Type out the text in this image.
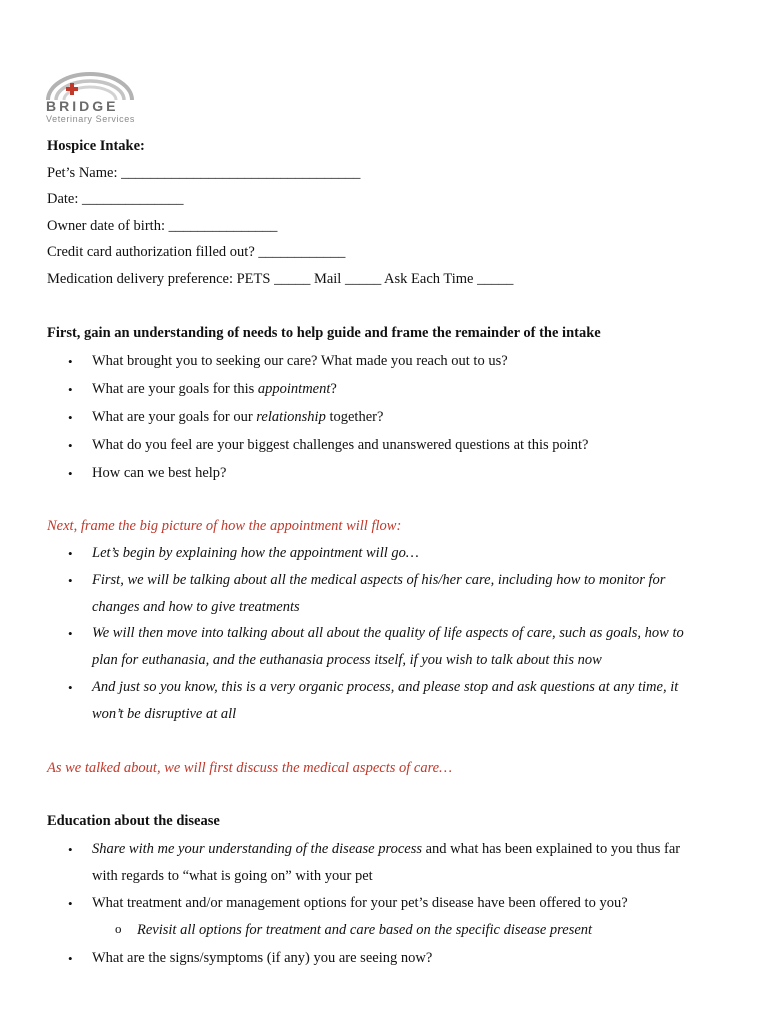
BRIDGE
Veterinary Services
Hospice Intake:
Pet’s Name: _________________________________
Date: ______________
Owner date of birth: _______________
Credit card authorization filled out? ____________
Medication delivery preference: PETS _____ Mail _____ Ask Each Time _____
First, gain an understanding of needs to help guide and frame the remainder of the intake
• What brought you to seeking our care? What made you reach out to us?
• What are your goals for this appointment?
• What are your goals for our relationship together?
• What do you feel are your biggest challenges and unanswered questions at this point?
• How can we best help?
Next, frame the big picture of how the appointment will flow:
• Let’s begin by explaining how the appointment will go…
• First, we will be talking about all the medical aspects of his/her care, including how to monitor for
changes and how to give treatments
• We will then move into talking about all about the quality of life aspects of care, such as goals, how to
plan for euthanasia, and the euthanasia process itself, if you wish to talk about this now
• And just so you know, this is a very organic process, and please stop and ask questions at any time, it
won’t be disruptive at all
As we talked about, we will first discuss the medical aspects of care…
Education about the disease
• Share with me your understanding of the disease process and what has been explained to you thus far
with regards to “what is going on” with your pet
• What treatment and/or management options for your pet’s disease have been offered to you?
o Revisit all options for treatment and care based on the specific disease present
• What are the signs/symptoms (if any) you are seeing now?
